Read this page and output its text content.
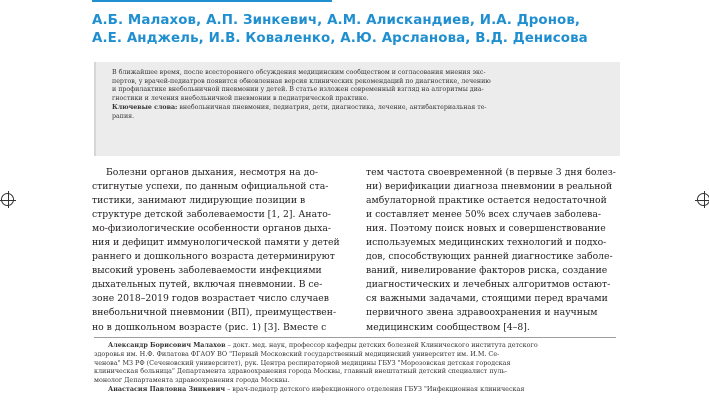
А.Б. Малахов, А.П. Зинкевич, А.М. Алискандиев, И.А. Дронов,
А.Е. Анджель, И.В. Коваленко, А.Ю. Арсланова, В.Д. Денисова
В ближайшее время, после всестороннего обсуждения медицинским сообществом и согласования мнения экс-
пертов, у врачей-педиатров появится обновленная версия клинических рекомендаций по диагностике, лечению
и профилактике внебольничной пневмонии у детей. В статье изложен современный взгляд на алгоритмы диа-
гностики и лечения внебольничной пневмонии в педиатрической практике.
Ключевые слова: внебольничная пневмония, педиатрия, дети, диагностика, лечение, антибактериальная те-
рапия.
Болезни органов дыхания, несмотря на до-
стигнутые успехи, по данным официальной ста-
тистики, занимают лидирующие позиции в
структуре детской заболеваемости [1, 2]. Анато-
мо-физиологические особенности органов дыха-
ния и дефицит иммунологической памяти у детей
раннего и дошкольного возраста детерминируют
высокий уровень заболеваемости инфекциями
дыхательных путей, включая пневмонии. В се-
зоне 2018–2019 годов возрастает число случаев
внебольничной пневмонии (ВП), преимуществен-
но в дошкольном возрасте (рис. 1) [3]. Вместе с
тем частота своевременной (в первые 3 дня болез-
ни) верификации диагноза пневмонии в реальной
амбулаторной практике остается недостаточной
и составляет менее 50% всех случаев заболева-
ния. Поэтому поиск новых и совершенствование
используемых медицинских технологий и подхо-
дов, способствующих ранней диагностике заболе-
ваний, нивелирование факторов риска, создание
диагностических и лечебных алгоритмов остают-
ся важными задачами, стоящими перед врачами
первичного звена здравоохранения и научным
медицинским сообществом [4–8].
Александр Борисович Малахов – докт. мед. наук, профессор кафедры детских болезней Клинического института детского
здоровья им. Н.Ф. Филатова ФГАОУ ВО "Первый Московский государственный медицинский университет им. И.М. Се-
ченова" МЗ РФ (Сеченовский университет), рук. Центра респираторной медицины ГБУЗ "Морозовская детская городская
клиническая больница" Департамента здравоохранения города Москвы, главный внештатный детский специалист пуль-
монолог Департамента здравоохранения города Москвы.
Анастасия Павловна Зинкевич – врач-педиатр детского инфекционного отделения ГБУЗ "Инфекционная клиническая
